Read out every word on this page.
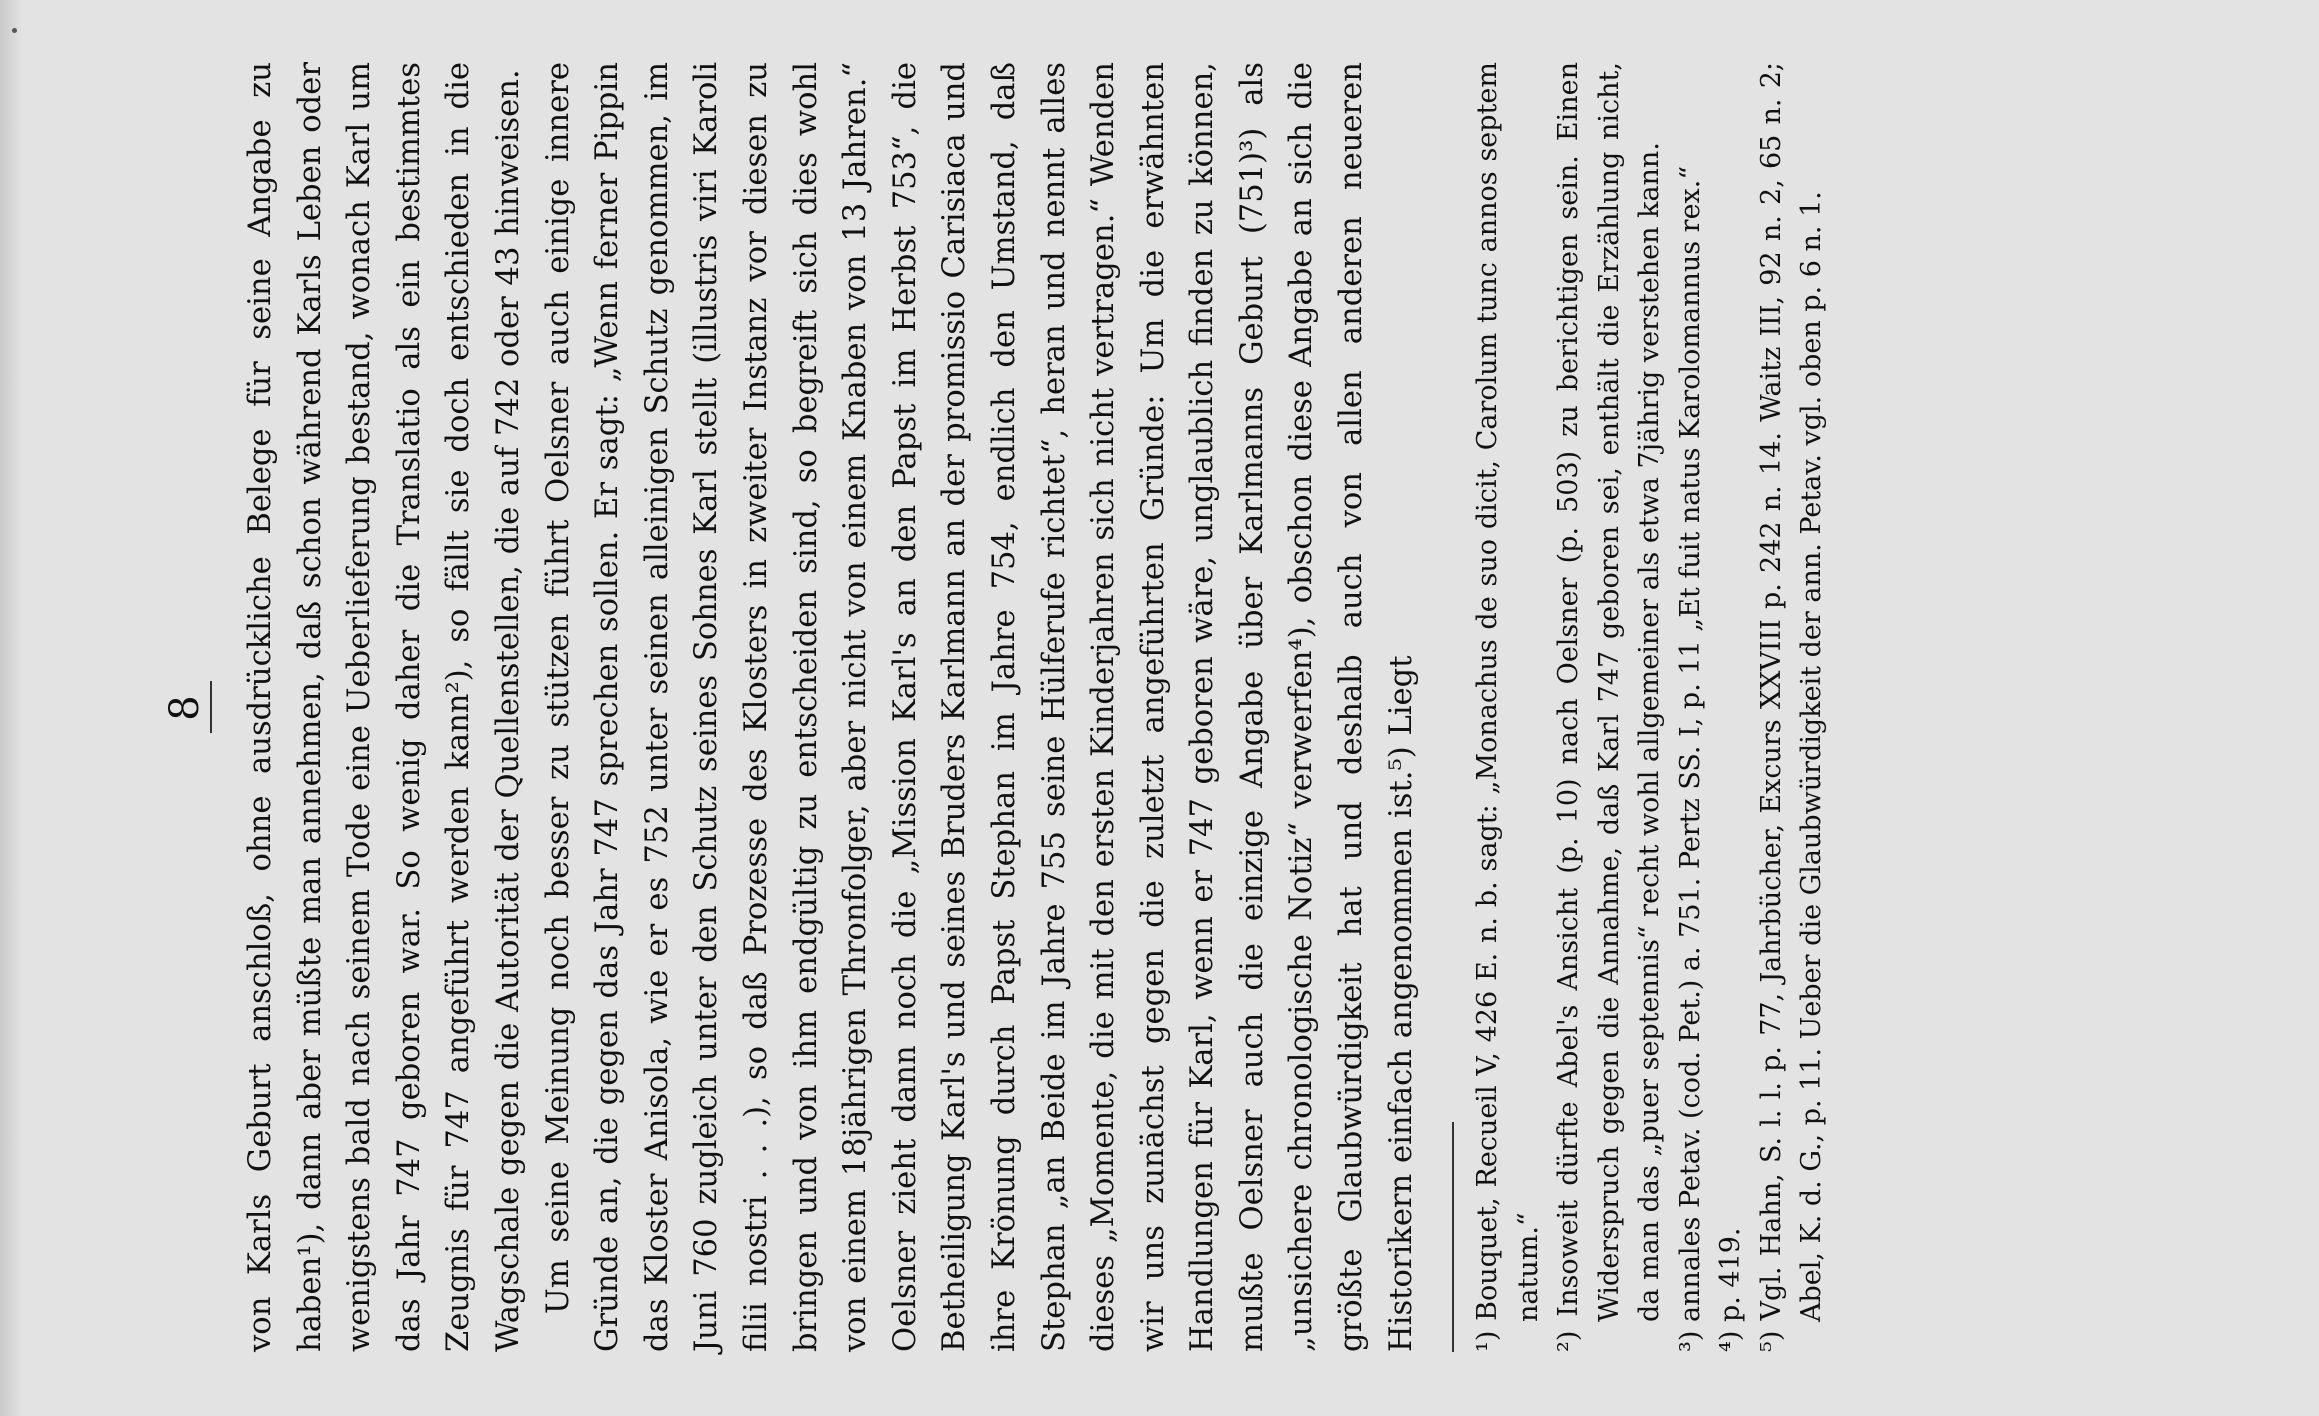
8 von Karls Geburt anschloß, ohne ausdrückliche Belege für seine Angabe zu haben¹), dann aber müßte man annehmen, daß schon während Karls Leben oder wenigstens bald nach seinem Tode eine Ueberlieferung bestand, wonach Karl um das Jahr 747 geboren war. So wenig daher die Translatio als ein bestimmtes Zeugnis für 747 angeführt werden kann²), so fällt sie doch entschieden in die Wagschale gegen die Autorität der Quellenstellen, die auf 742 oder 43 hinweisen. Um seine Meinung noch besser zu stützen führt Oelsner auch einige innere Gründe an, die gegen das Jahr 747 sprechen sollen. Er sagt: „Wenn ferner Pippin das Kloster Anisola, wie er es 752 unter seinen alleinigen Schutz genommen, im Juni 760 zugleich unter den Schutz seines Sohnes Karl stellt (illustris viri Karoli filii nostri . . .), so daß Prozesse des Klosters in zweiter Instanz vor diesen zu bringen und von ihm endgültig zu entscheiden sind, so begreift sich dies wohl von einem 18jährigen Thronfolger, aber nicht von einem Knaben von 13 Jahren.“ Oelsner zieht dann noch die „Mission Karl's an den Papst im Herbst 753“, die Betheiligung Karl's und seines Bruders Karlmann an der promissio Carisiaca und ihre Krönung durch Papst Stephan im Jahre 754, endlich den Umstand, daß Stephan „an Beide im Jahre 755 seine Hülferufe richtet“, heran und nennt alles dieses „Momente, die mit den ersten Kinderjahren sich nicht vertragen.“ Wenden wir uns zunächst gegen die zuletzt angeführten Gründe: Um die erwähnten Handlungen für Karl, wenn er 747 geboren wäre, unglaublich finden zu können, mußte Oelsner auch die einzige Angabe über Karlmanns Geburt (751)³) als „unsichere chronologische Notiz“ verwerfen⁴), obschon diese Angabe an sich die größte Glaubwürdigkeit hat und deshalb auch von allen anderen neueren Historikern einfach angenommen ist.⁵) Liegt ¹) Bouquet, Recueil V, 426 E. n. b. sagt: „Monachus de suo dicit, Carolum tunc annos septem natum.“ ²) Insoweit dürfte Abel's Ansicht (p. 10) nach Oelsner (p. 503) zu berichtigen sein. Einen Widerspruch gegen die Annahme, daß Karl 747 geboren sei, enthält die Erzählung nicht, da man das „puer septennis“ recht wohl allgemeiner als etwa 7jährig verstehen kann. ³) annales Petav. (cod. Pet.) a. 751. Pertz SS. I, p. 11 „Et fuit natus Karolomannus rex.“ ⁴) p. 419. ⁵) Vgl. Hahn, S. l. l. p. 77, Jahrbücher, Excurs XXVIII p. 242 n. 14. Waitz III, 92 n. 2, 65 n. 2; Abel, K. d. G., p. 11. Ueber die Glaubwürdigkeit der ann. Petav. vgl. oben p. 6 n. 1.
